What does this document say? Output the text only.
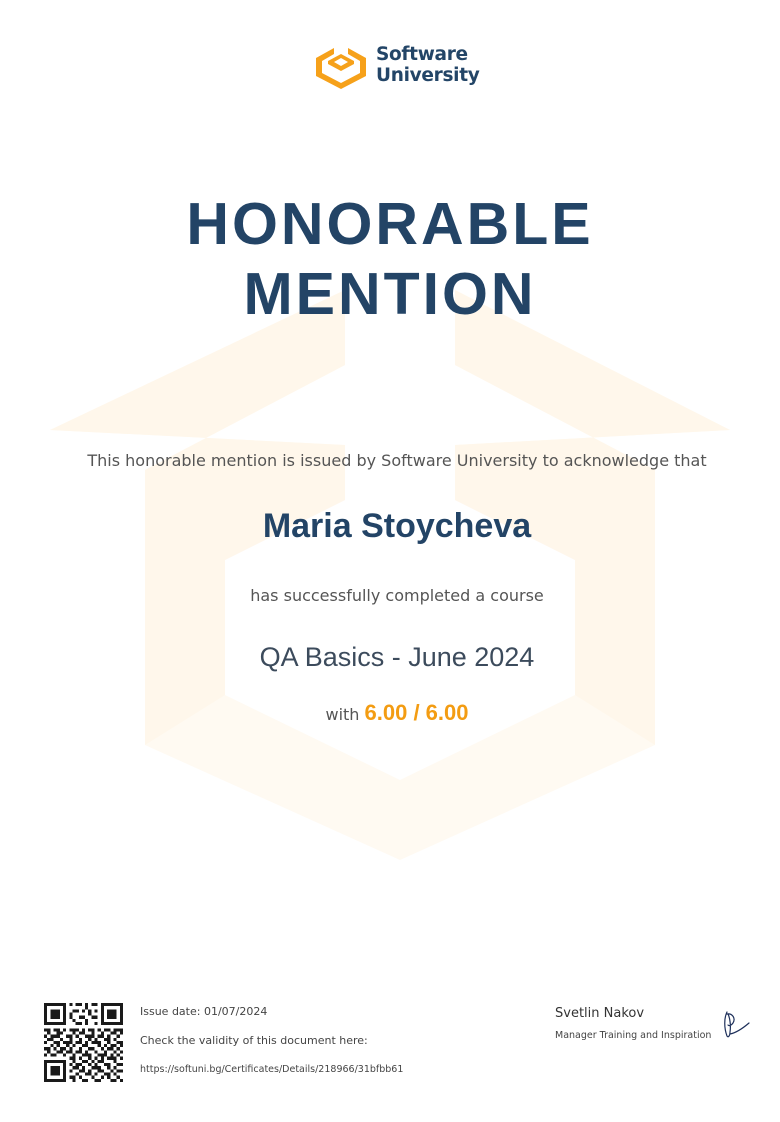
Software
University
HONORABLE
MENTION
This honorable mention is issued by Software University to acknowledge that
Maria Stoycheva
has successfully completed a course
QA Basics - June 2024
with 6.00 / 6.00
Issue date: 01/07/2024
Check the validity of this document here:
https://softuni.bg/Certificates/Details/218966/31bfbb61
Svetlin Nakov
Manager Training and Inspiration
